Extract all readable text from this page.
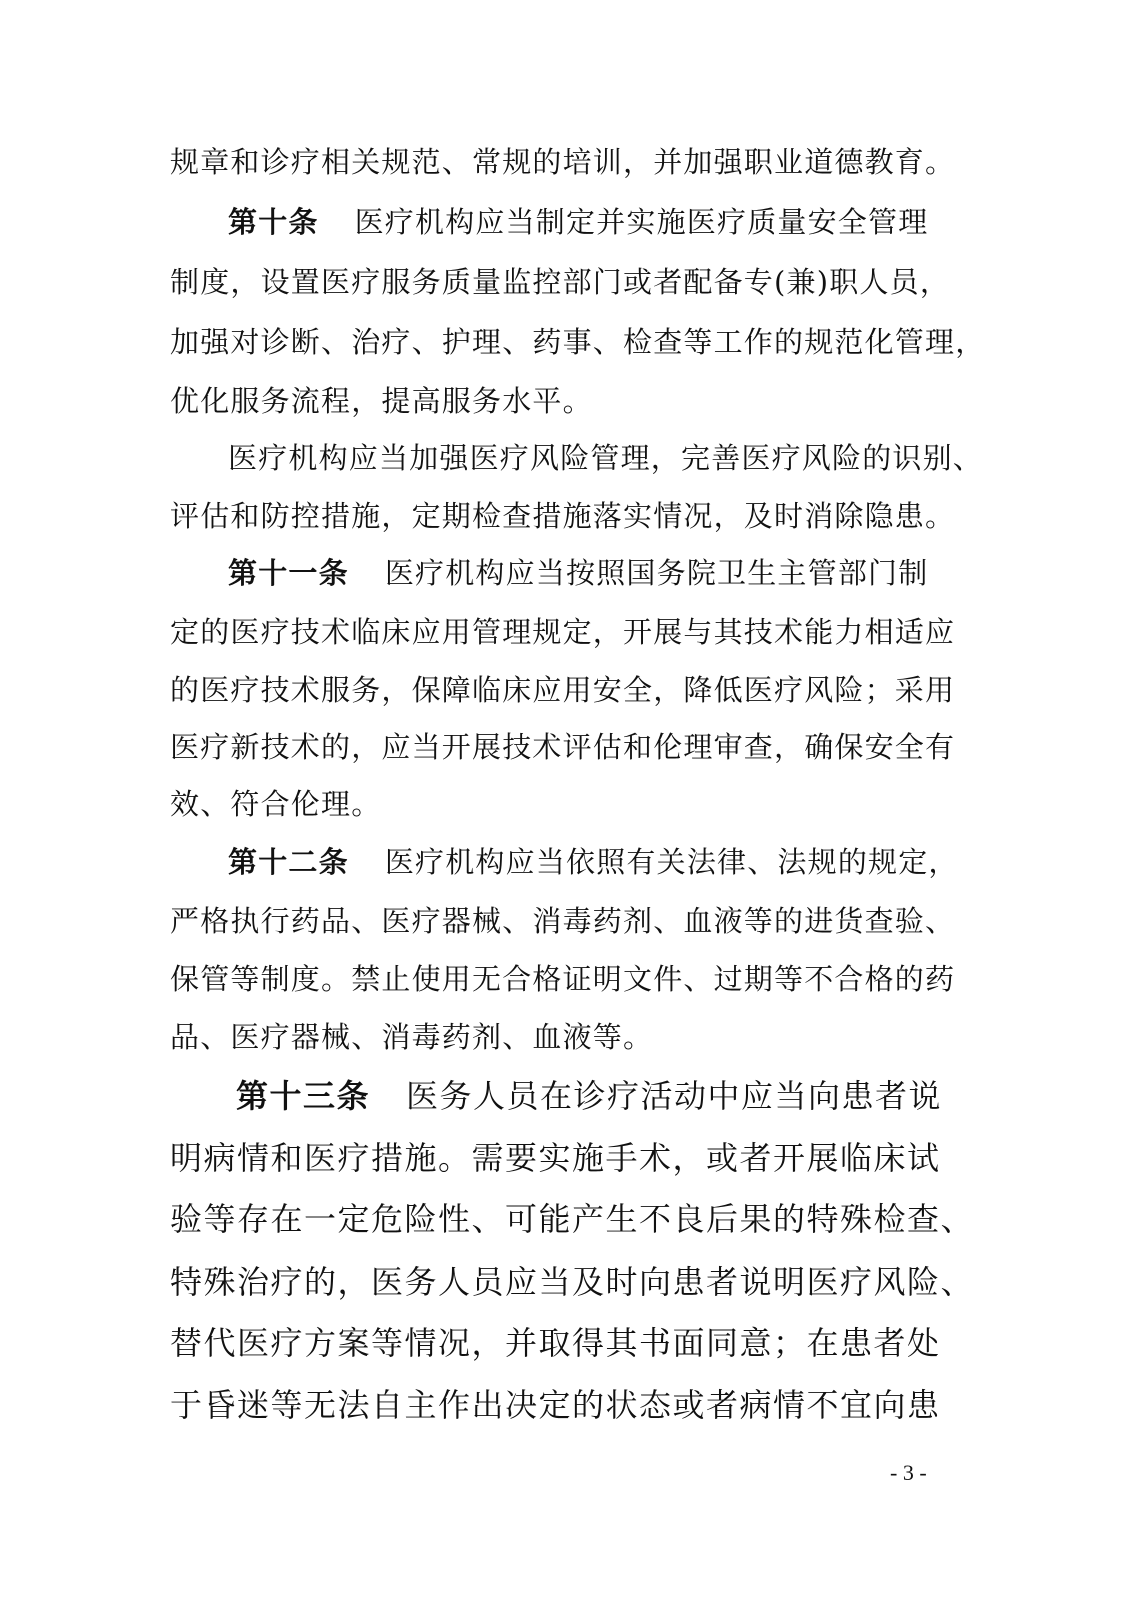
规章和诊疗相关规范、常规的培训，并加强职业道德教育。
第十条 医疗机构应当制定并实施医疗质量安全管理
制度，设置医疗服务质量监控部门或者配备专(兼)职人员，
加强对诊断、治疗、护理、药事、检查等工作的规范化管理，
优化服务流程，提高服务水平。
医疗机构应当加强医疗风险管理，完善医疗风险的识别、
评估和防控措施，定期检查措施落实情况，及时消除隐患。
第十一条 医疗机构应当按照国务院卫生主管部门制
定的医疗技术临床应用管理规定，开展与其技术能力相适应
的医疗技术服务，保障临床应用安全，降低医疗风险；采用
医疗新技术的，应当开展技术评估和伦理审查，确保安全有
效、符合伦理。
第十二条 医疗机构应当依照有关法律、法规的规定，
严格执行药品、医疗器械、消毒药剂、血液等的进货查验、
保管等制度。禁止使用无合格证明文件、过期等不合格的药
品、医疗器械、消毒药剂、血液等。
第十三条 医务人员在诊疗活动中应当向患者说
明病情和医疗措施。需要实施手术，或者开展临床试
验等存在一定危险性、可能产生不良后果的特殊检查、
特殊治疗的，医务人员应当及时向患者说明医疗风险、
替代医疗方案等情况，并取得其书面同意；在患者处
于昏迷等无法自主作出决定的状态或者病情不宜向患
- 3 -
